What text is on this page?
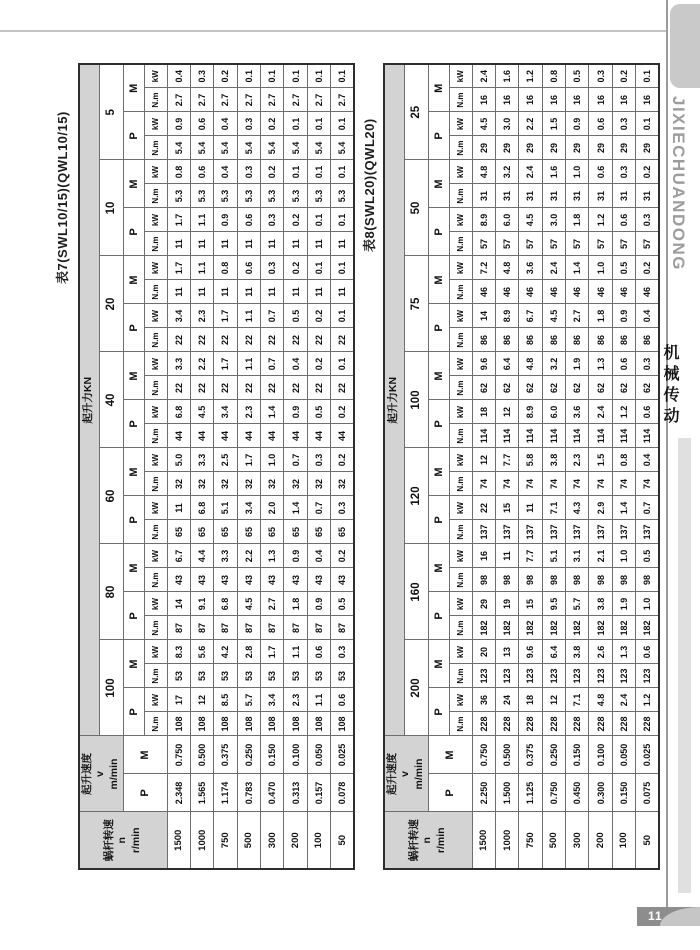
表7(SWL10/15)(QWL10/15)
蜗杆转速 n r/min	起升速度 v m/min		起升力KN																											
			100				80				60				40				20				10				5			
	P	M	P		M		P		M		P		M		P		M		P		M		P		M		P		M	
			N.m	kW	N.m	kW	N.m	kW	N.m	kW	N.m	kW	N.m	kW	N.m	kW	N.m	kW	N.m	kW	N.m	kW	N.m	kW	N.m	kW	N.m	kW	N.m	kW
1500	2.348	0.750	108	17	53	8.3	87	14	43	6.7	65	11	32	5.0	44	6.8	22	3.3	22	3.4	11	1.7	11	1.7	5.3	0.8	5.4	0.9	2.7	0.4
1000	1.565	0.500	108	12	53	5.6	87	9.1	43	4.4	65	6.8	32	3.3	44	4.5	22	2.2	22	2.3	11	1.1	11	1.1	5.3	0.6	5.4	0.6	2.7	0.3
750	1.174	0.375	108	8.5	53	4.2	87	6.8	43	3.3	65	5.1	32	2.5	44	3.4	22	1.7	22	1.7	11	0.8	11	0.9	5.3	0.4	5.4	0.4	2.7	0.2
500	0.783	0.250	108	5.7	53	2.8	87	4.5	43	2.2	65	3.4	32	1.7	44	2.3	22	1.1	22	1.1	11	0.6	11	0.6	5.3	0.3	5.4	0.3	2.7	0.1
300	0.470	0.150	108	3.4	53	1.7	87	2.7	43	1.3	65	2.0	32	1.0	44	1.4	22	0.7	22	0.7	11	0.3	11	0.3	5.3	0.2	5.4	0.2	2.7	0.1
200	0.313	0.100	108	2.3	53	1.1	87	1.8	43	0.9	65	1.4	32	0.7	44	0.9	22	0.4	22	0.5	11	0.2	11	0.2	5.3	0.1	5.4	0.1	2.7	0.1
100	0.157	0.050	108	1.1	53	0.6	87	0.9	43	0.4	65	0.7	32	0.3	44	0.5	22	0.2	22	0.2	11	0.1	11	0.1	5.3	0.1	5.4	0.1	2.7	0.1
50	0.078	0.025	108	0.6	53	0.3	87	0.5	43	0.2	65	0.3	32	0.2	44	0.2	22	0.1	22	0.1	11	0.1	11	0.1	5.3	0.1	5.4	0.1	2.7	0.1
表8(SWL20)(QWL20)
蜗杆转速 n r/min	起升速度 v m/min		起升力KN																											
			200				160				120				100				75				50				25			
	P	M	P		M		P		M		P		M		P		M		P		M		P		M		P		M	
			N.m	kW	N.m	kW	N.m	kW	N.m	kW	N.m	kW	N.m	kW	N.m	kW	N.m	kW	N.m	kW	N.m	kW	N.m	kW	N.m	kW	N.m	kW	N.m	kW
1500	2.250	0.750	228	36	123	20	182	29	98	16	137	22	74	12	114	18	62	9.6	86	14	46	7.2	57	8.9	31	4.8	29	4.5	16	2.4
1000	1.500	0.500	228	24	123	13	182	19	98	11	137	15	74	7.7	114	12	62	6.4	86	8.9	46	4.8	57	6.0	31	3.2	29	3.0	16	1.6
750	1.125	0.375	228	18	123	9.6	182	15	98	7.7	137	11	74	5.8	114	8.9	62	4.8	86	6.7	46	3.6	57	4.5	31	2.4	29	2.2	16	1.2
500	0.750	0.250	228	12	123	6.4	182	9.5	98	5.1	137	7.1	74	3.8	114	6.0	62	3.2	86	4.5	46	2.4	57	3.0	31	1.6	29	1.5	16	0.8
300	0.450	0.150	228	7.1	123	3.8	182	5.7	98	3.1	137	4.3	74	2.3	114	3.6	62	1.9	86	2.7	46	1.4	57	1.8	31	1.0	29	0.9	16	0.5
200	0.300	0.100	228	4.8	123	2.6	182	3.8	98	2.1	137	2.9	74	1.5	114	2.4	62	1.3	86	1.8	46	1.0	57	1.2	31	0.6	29	0.6	16	0.3
100	0.150	0.050	228	2.4	123	1.3	182	1.9	98	1.0	137	1.4	74	0.8	114	1.2	62	0.6	86	0.9	46	0.5	57	0.6	31	0.3	29	0.3	16	0.2
50	0.075	0.025	228	1.2	123	0.6	182	1.0	98	0.5	137	0.7	74	0.4	114	0.6	62	0.3	86	0.4	46	0.2	57	0.3	31	0.2	29	0.1	16	0.1
JIXIECHUANDONG
机械传动
11
